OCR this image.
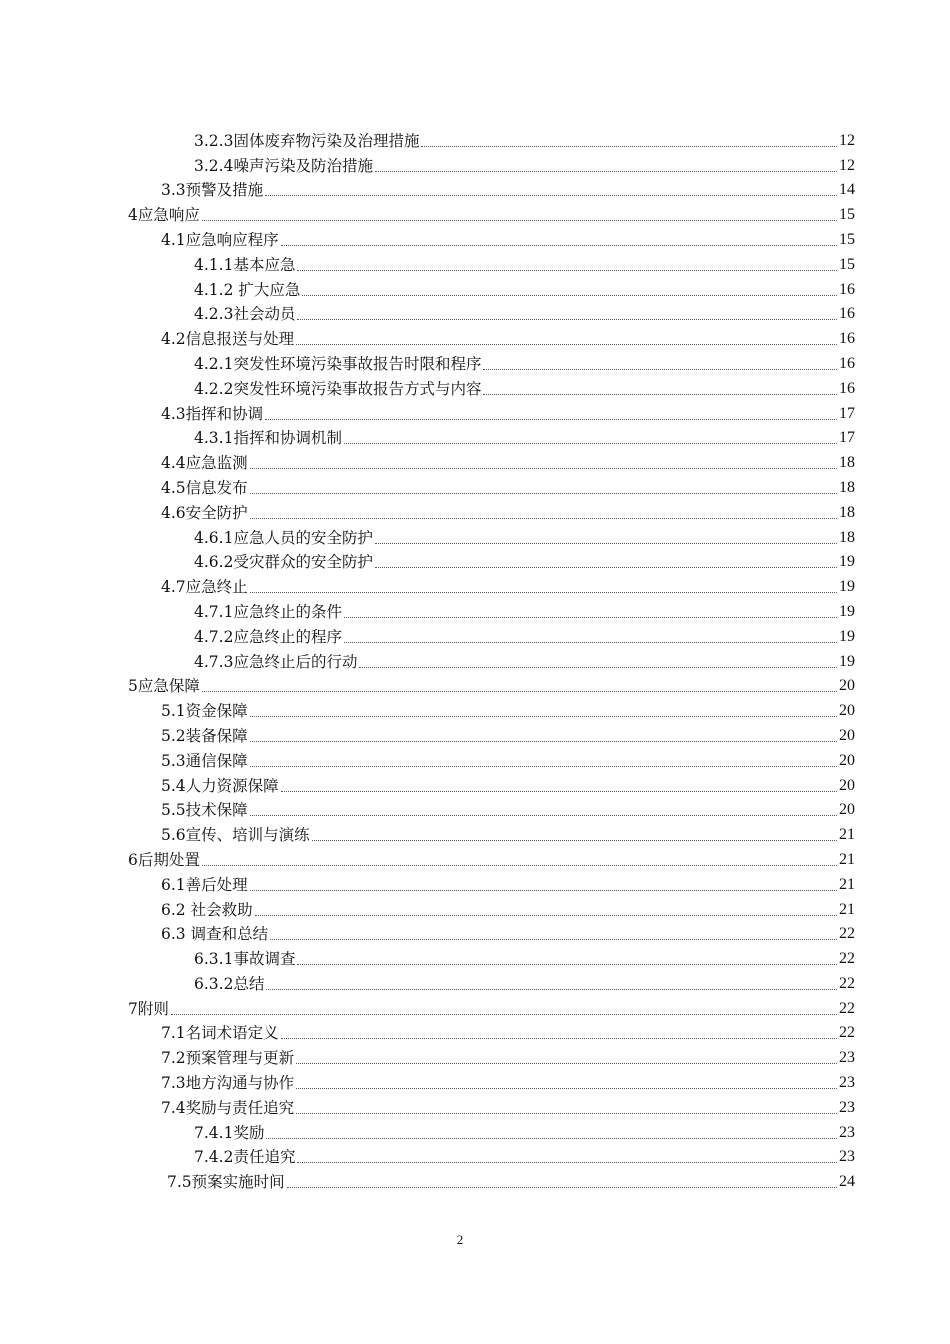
3.2.3固体废弃物污染及治理措施	12
3.2.4噪声污染及防治措施	12
3.3预警及措施	14
4应急响应	15
4.1应急响应程序	15
4.1.1基本应急	15
4.1.2 扩大应急	16
4.2.3社会动员	16
4.2信息报送与处理	16
4.2.1突发性环境污染事故报告时限和程序	16
4.2.2突发性环境污染事故报告方式与内容	16
4.3指挥和协调	17
4.3.1指挥和协调机制	17
4.4应急监测	18
4.5信息发布	18
4.6安全防护	18
4.6.1应急人员的安全防护	18
4.6.2受灾群众的安全防护	19
4.7应急终止	19
4.7.1应急终止的条件	19
4.7.2应急终止的程序	19
4.7.3应急终止后的行动	19
5应急保障	20
5.1资金保障	20
5.2装备保障	20
5.3通信保障	20
5.4人力资源保障	20
5.5技术保障	20
5.6宣传、培训与演练	21
6后期处置	21
6.1善后处理	21
6.2 社会救助	21
6.3 调查和总结	22
6.3.1事故调查	22
6.3.2总结	22
7附则	22
7.1名词术语定义	22
7.2预案管理与更新	23
7.3地方沟通与协作	23
7.4奖励与责任追究	23
7.4.1奖励	23
7.4.2责任追究	23
7.5预案实施时间	24
2
